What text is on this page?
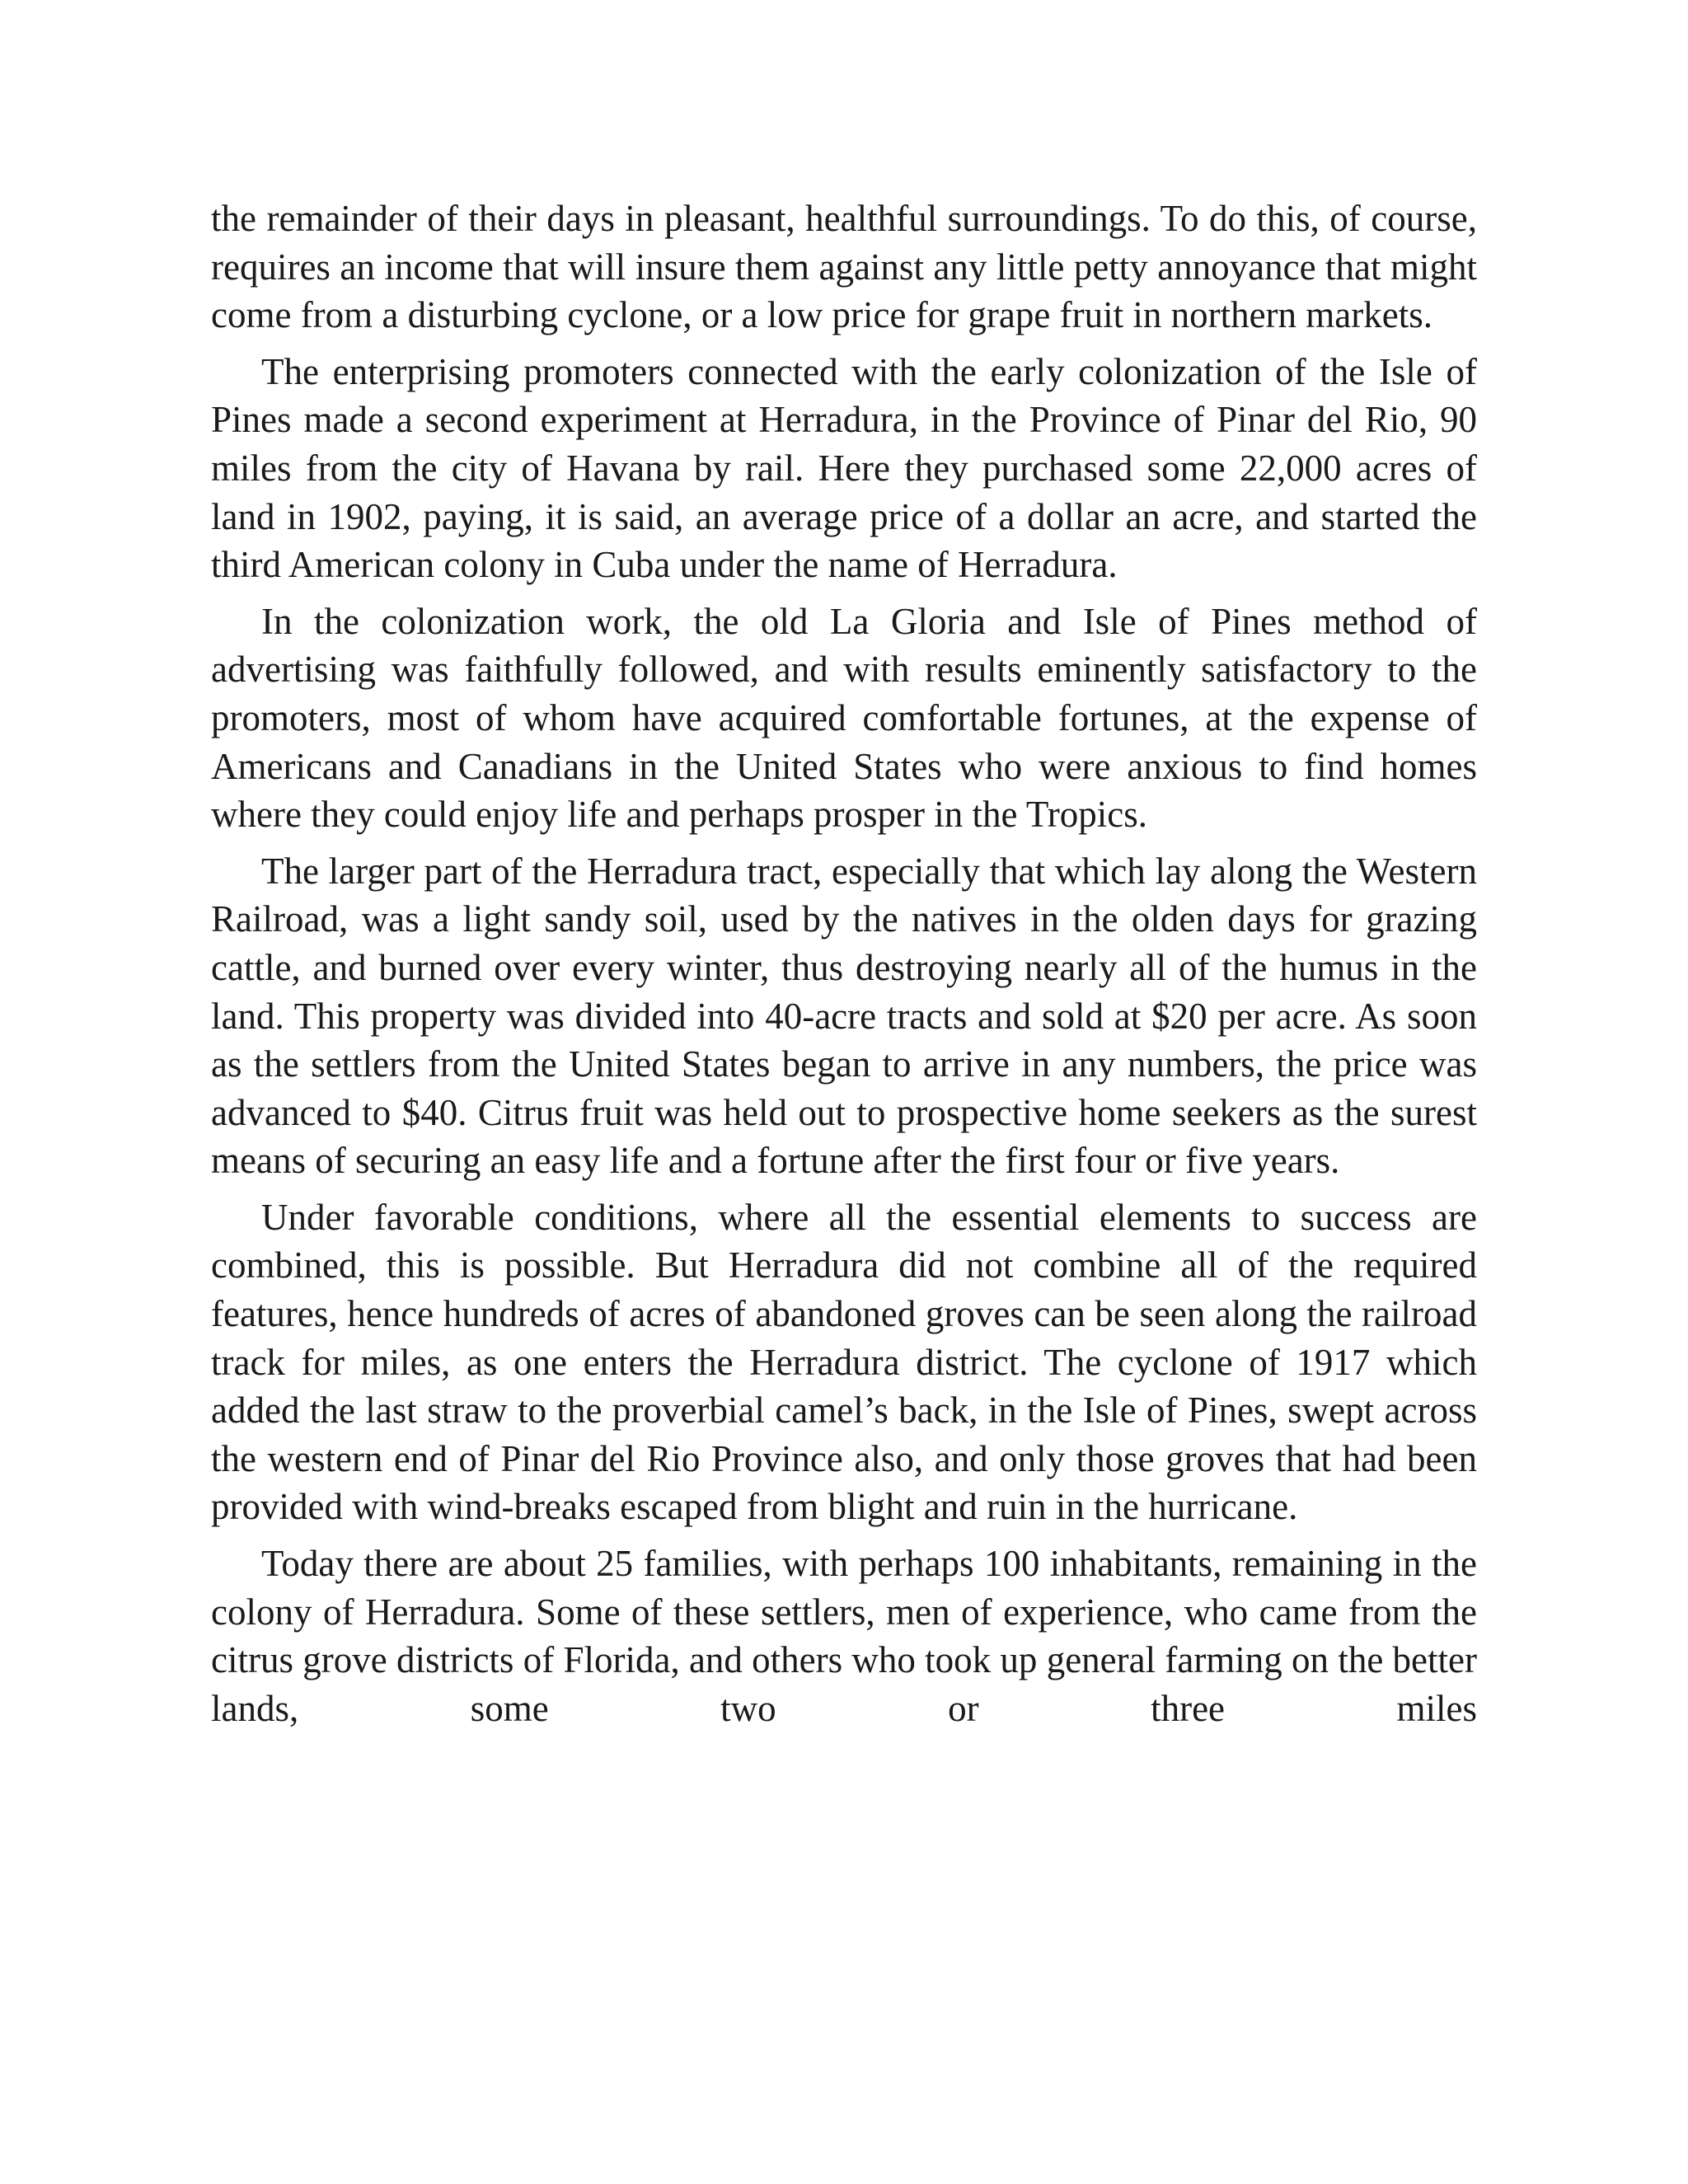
the remainder of their days in pleasant, healthful surroundings. To do this, of course, requires an income that will insure them against any little petty annoyance that might come from a disturbing cyclone, or a low price for grape fruit in northern markets.

The enterprising promoters connected with the early colonization of the Isle of Pines made a second experiment at Herradura, in the Province of Pinar del Rio, 90 miles from the city of Havana by rail. Here they purchased some 22,000 acres of land in 1902, paying, it is said, an average price of a dollar an acre, and started the third American colony in Cuba under the name of Herradura.

In the colonization work, the old La Gloria and Isle of Pines method of advertising was faithfully followed, and with results eminently satisfactory to the promoters, most of whom have acquired comfortable fortunes, at the expense of Americans and Canadians in the United States who were anxious to find homes where they could enjoy life and perhaps prosper in the Tropics.

The larger part of the Herradura tract, especially that which lay along the Western Railroad, was a light sandy soil, used by the natives in the olden days for grazing cattle, and burned over every winter, thus destroying nearly all of the humus in the land. This property was divided into 40-acre tracts and sold at $20 per acre. As soon as the settlers from the United States began to arrive in any numbers, the price was advanced to $40. Citrus fruit was held out to prospective home seekers as the surest means of securing an easy life and a fortune after the first four or five years.

Under favorable conditions, where all the essential elements to success are combined, this is possible. But Herradura did not combine all of the required features, hence hundreds of acres of abandoned groves can be seen along the railroad track for miles, as one enters the Herradura district. The cyclone of 1917 which added the last straw to the proverbial camel’s back, in the Isle of Pines, swept across the western end of Pinar del Rio Province also, and only those groves that had been provided with wind-breaks escaped from blight and ruin in the hurricane.

Today there are about 25 families, with perhaps 100 inhabitants, remaining in the colony of Herradura. Some of these settlers, men of experience, who came from the citrus grove districts of Florida, and others who took up general farming on the better lands, some two or three miles
